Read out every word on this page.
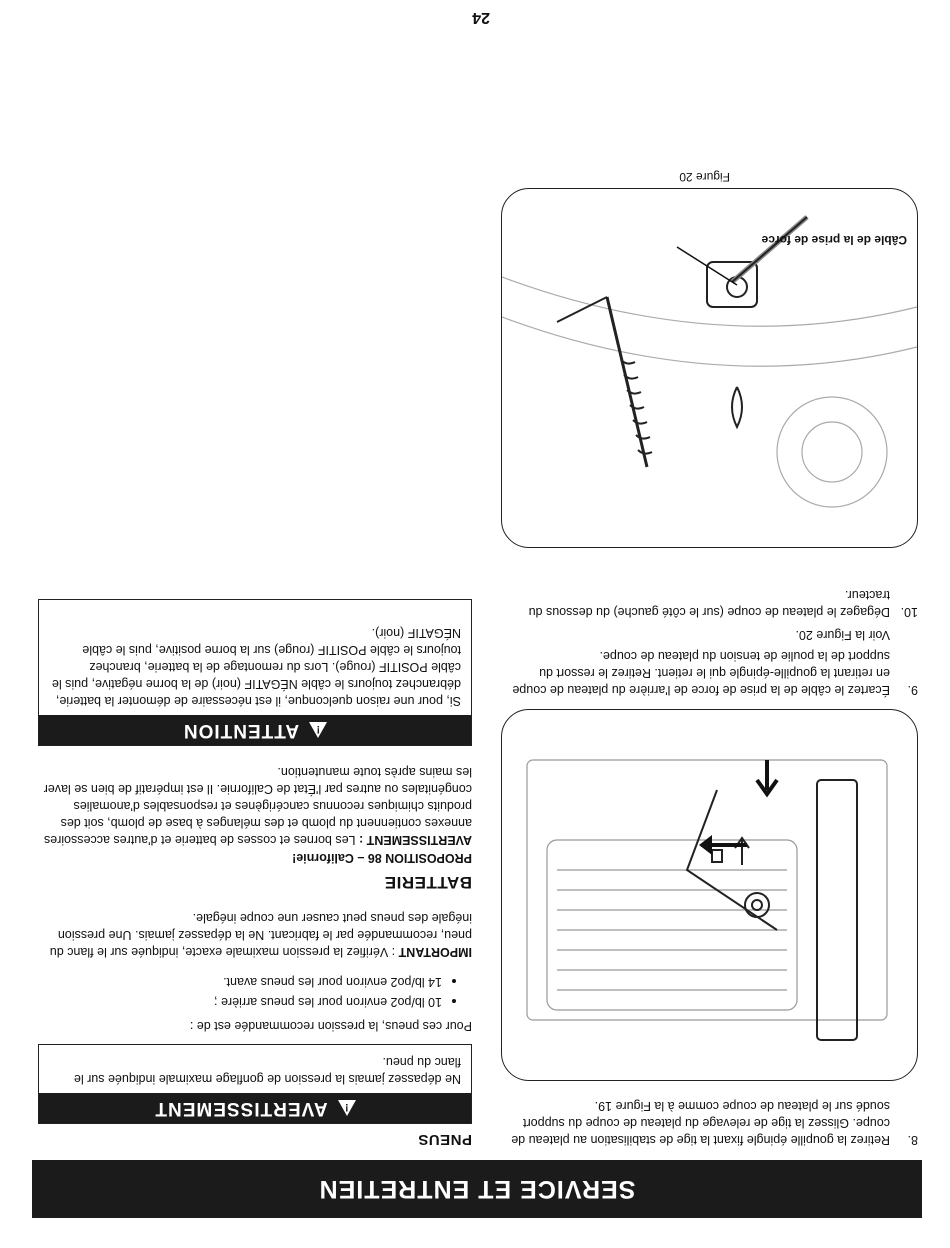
24
SERVICE ET ENTRETIEN
8.
Retirez la goupille épingle fixant la tige de stabilisation au plateau de coupe. Glissez la tige de relevage du plateau de coupe du support soudé sur le plateau de coupe comme à la Figure 19.
9.
Écartez le câble de la prise de force de l'arrière du plateau de coupe en retirant la goupille-épingle qui le retient. Retirez le ressort du support de la poulie de tension du plateau de coupe.
Voir la Figure 20.
10.
Dégagez le plateau de coupe (sur le côté gauche) du dessous du tracteur.
Câble de la prise de force
Figure 20
PNEUS
!
AVERTISSEMENT
Ne dépassez jamais la pression de gonflage maximale indiquée sur le flanc du pneu.
Pour ces pneus, la pression recommandée est de :
• 10 lb/po2 environ pour les pneus arrière ;
• 14 lb/po2 environ pour les pneus avant.
IMPORTANT : Vérifiez la pression maximale exacte, indiquée sur le flanc du pneu, recommandée par le fabricant. Ne la dépassez jamais. Une pression inégale des pneus peut causer une coupe inégale.
BATTERIE
PROPOSITION 86 – Californie!
AVERTISSEMENT : Les bornes et cosses de batterie et d'autres accessoires annexes contiennent du plomb et des mélanges à base de plomb, soit des produits chimiques reconnus cancérigènes et responsables d'anomalies congénitales ou autres par l'État de Californie. Il est impératif de bien se laver les mains après toute manutention.
!
ATTENTION
Si, pour une raison quelconque, il est nécessaire de démonter la batterie, débranchez toujours le câble NÉGATIF (noir) de la borne négative, puis le câble POSITIF (rouge). Lors du remontage de la batterie, branchez toujours le câble POSITIF (rouge) sur la borne positive, puis le câble NÉGATIF (noir).
